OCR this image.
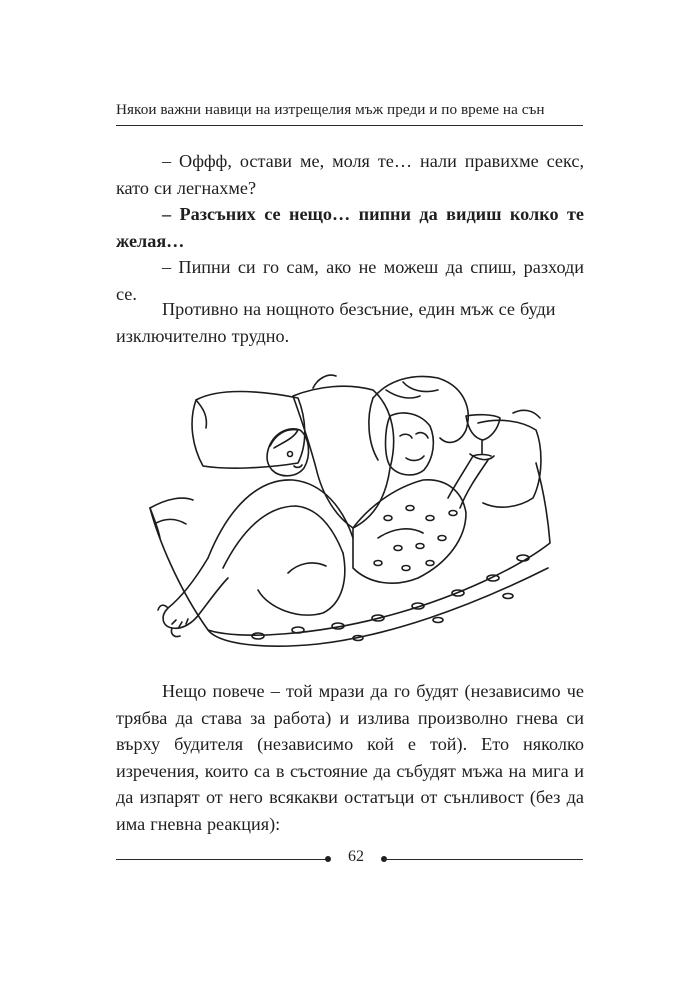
Някои важни навици на изтрещелия мъж преди и по време на сън

– Оффф, остави ме, моля те… нали правихме секс, като си легнахме?

– Разсъних се нещо… пипни да видиш колко те желая…

– Пипни си го сам, ако не можеш да спиш, разходи се.

Противно на нощното безсъние, един мъж се буди изключително трудно.

Нещо повече – той мрази да го будят (независимо че трябва да става за работа) и излива произволно гнева си върху будителя (независимо кой е той). Ето няколко изречения, които са в състояние да събудят мъжа на мига и да изпарят от него всякакви остатъци от сънливост (без да има гневна реакция):

62
